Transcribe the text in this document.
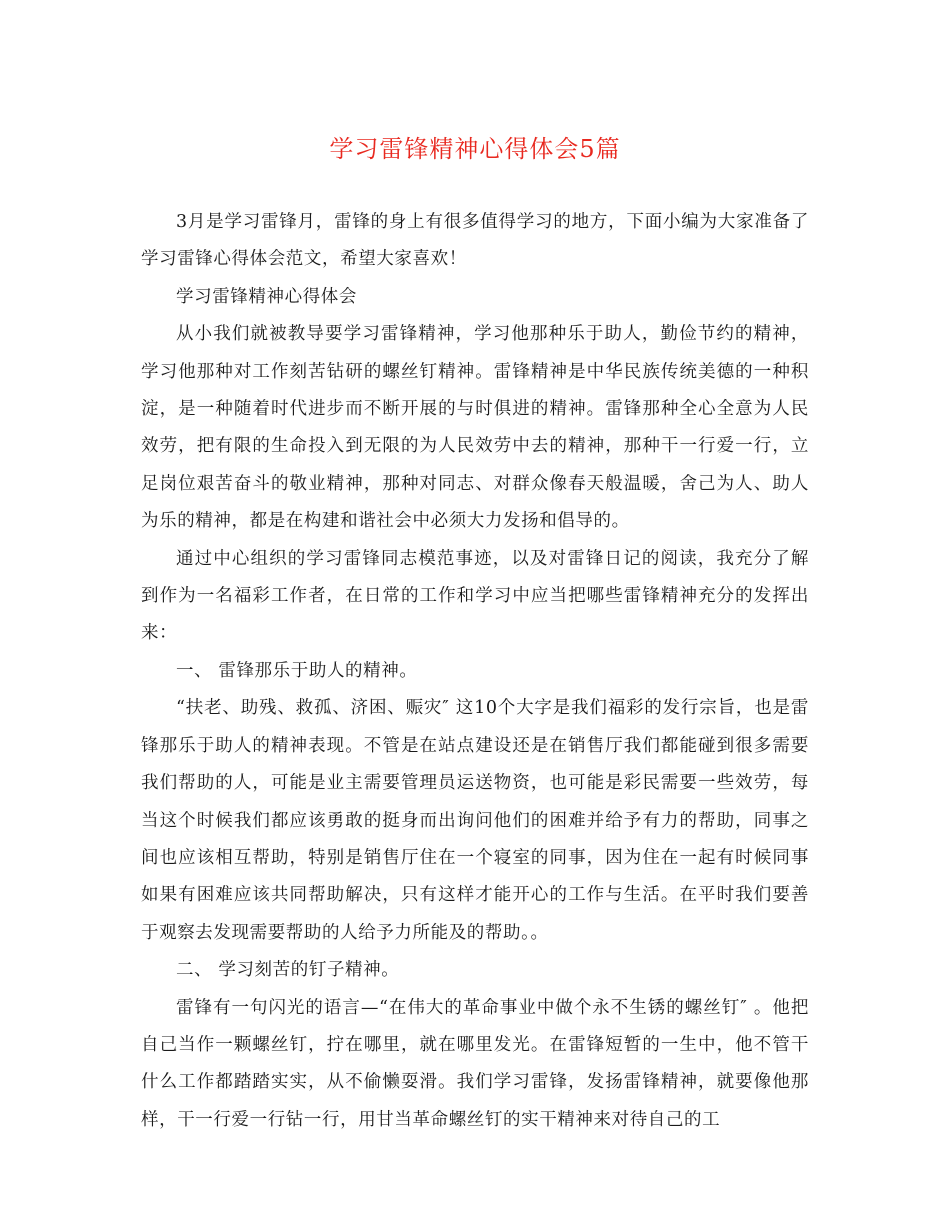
学习雷锋精神心得体会5篇

3月是学习雷锋月，雷锋的身上有很多值得学习的地方，下面小编为大家准备了学习雷锋心得体会范文，希望大家喜欢！

学习雷锋精神心得体会

从小我们就被教导要学习雷锋精神，学习他那种乐于助人，勤俭节约的精神，学习他那种对工作刻苦钻研的螺丝钉精神。雷锋精神是中华民族传统美德的一种积淀，是一种随着时代进步而不断开展的与时俱进的精神。雷锋那种全心全意为人民效劳，把有限的生命投入到无限的为人民效劳中去的精神，那种干一行爱一行，立足岗位艰苦奋斗的敬业精神，那种对同志、对群众像春天般温暖，舍己为人、助人为乐的精神，都是在构建和谐社会中必须大力发扬和倡导的。

通过中心组织的学习雷锋同志模范事迹，以及对雷锋日记的阅读，我充分了解到作为一名福彩工作者，在日常的工作和学习中应当把哪些雷锋精神充分的发挥出来：

一、 雷锋那乐于助人的精神。

“扶老、助残、救孤、济困、赈灾″ 这10个大字是我们福彩的发行宗旨，也是雷锋那乐于助人的精神表现。不管是在站点建设还是在销售厅我们都能碰到很多需要我们帮助的人，可能是业主需要管理员运送物资，也可能是彩民需要一些效劳，每当这个时候我们都应该勇敢的挺身而出询问他们的困难并给予有力的帮助，同事之间也应该相互帮助，特别是销售厅住在一个寝室的同事，因为住在一起有时候同事如果有困难应该共同帮助解决，只有这样才能开心的工作与生活。在平时我们要善于观察去发现需要帮助的人给予力所能及的帮助。。

二、 学习刻苦的钉子精神。

雷锋有一句闪光的语言—“在伟大的革命事业中做个永不生锈的螺丝钉″ 。他把自己当作一颗螺丝钉，拧在哪里，就在哪里发光。在雷锋短暂的一生中，他不管干什么工作都踏踏实实，从不偷懒耍滑。我们学习雷锋，发扬雷锋精神，就要像他那样，干一行爱一行钻一行，用甘当革命螺丝钉的实干精神来对待自己的工
